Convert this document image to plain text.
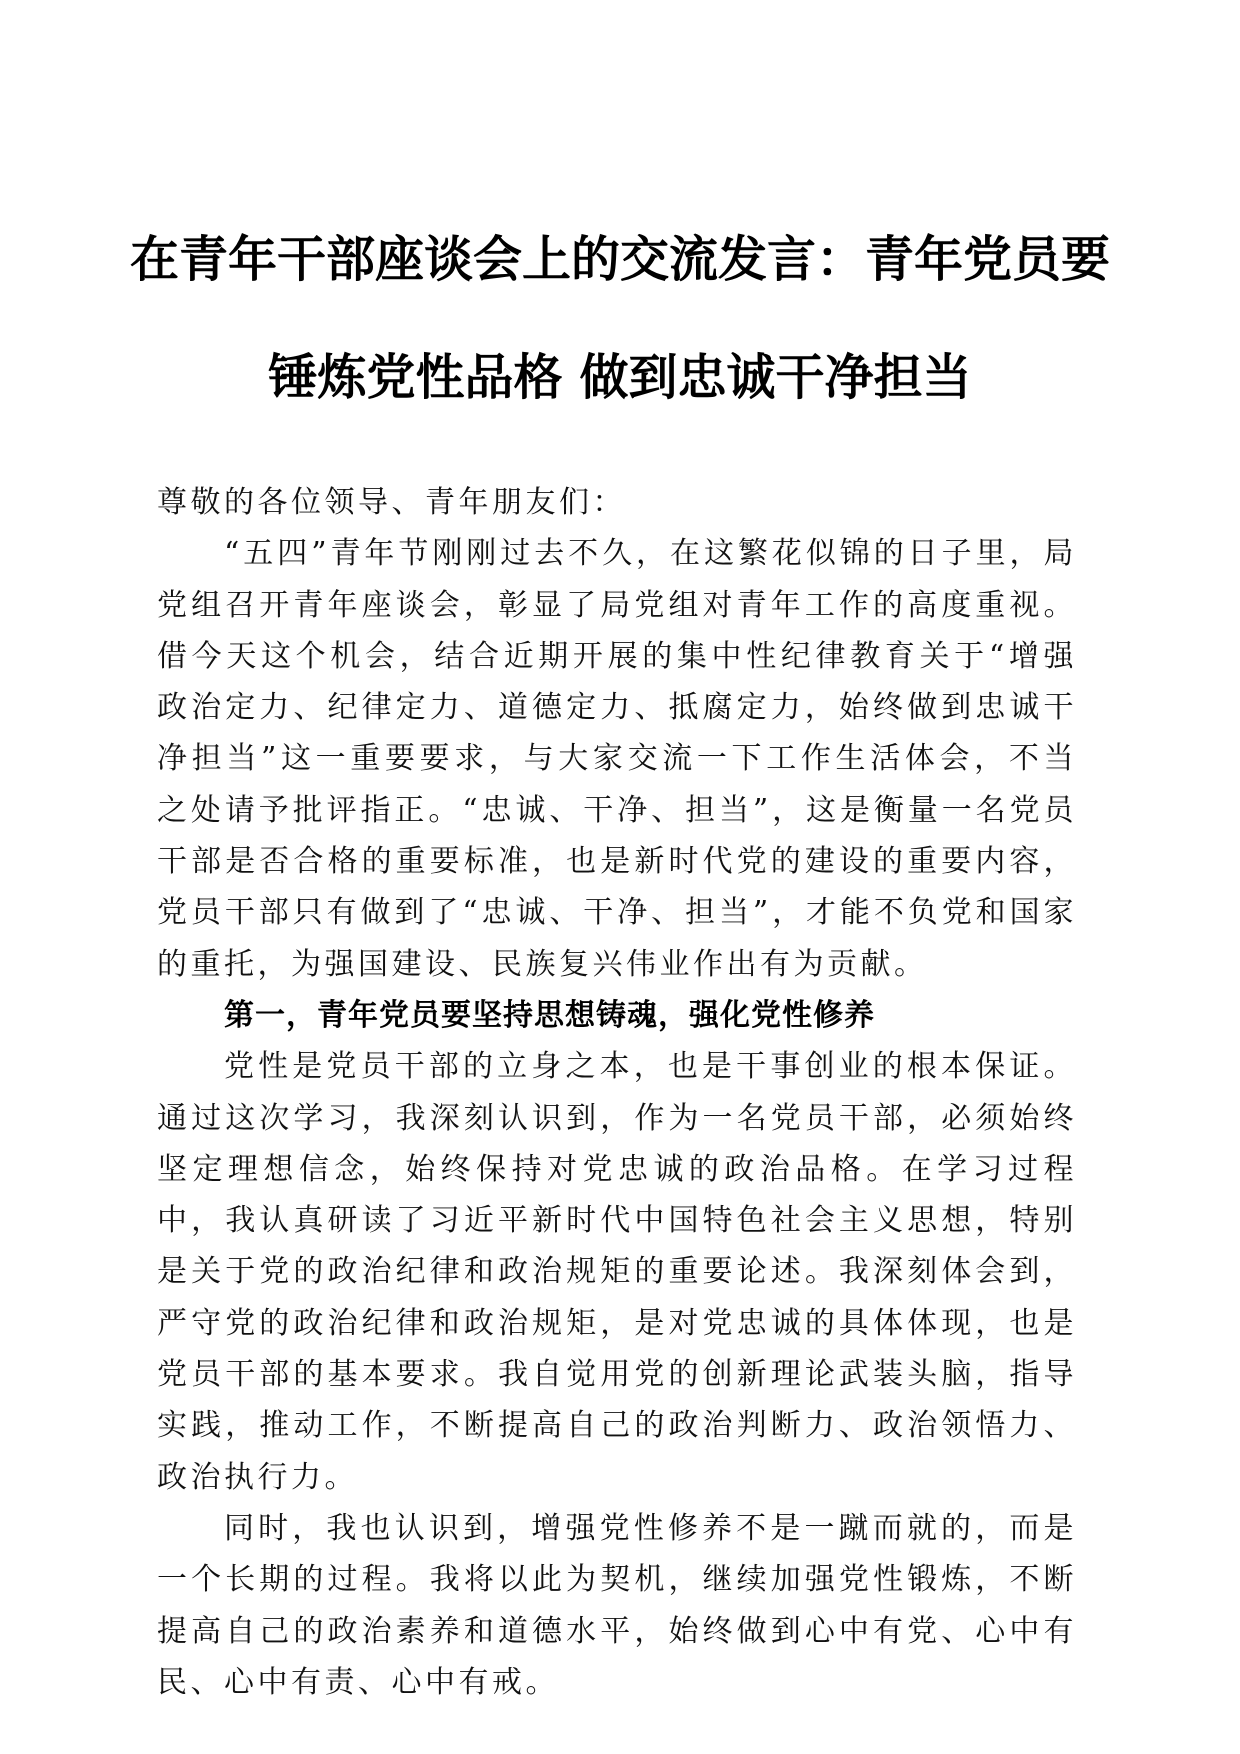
在青年干部座谈会上的交流发言：青年党员要
锤炼党性品格 做到忠诚干净担当

尊敬的各位领导、青年朋友们：

“五四”青年节刚刚过去不久，在这繁花似锦的日子里，局党组召开青年座谈会，彰显了局党组对青年工作的高度重视。借今天这个机会，结合近期开展的集中性纪律教育关于“增强政治定力、纪律定力、道德定力、抵腐定力，始终做到忠诚干净担当”这一重要要求，与大家交流一下工作生活体会，不当之处请予批评指正。“忠诚、干净、担当”，这是衡量一名党员干部是否合格的重要标准，也是新时代党的建设的重要内容，党员干部只有做到了“忠诚、干净、担当”，才能不负党和国家的重托，为强国建设、民族复兴伟业作出有为贡献。

第一，青年党员要坚持思想铸魂，强化党性修养

党性是党员干部的立身之本，也是干事创业的根本保证。通过这次学习，我深刻认识到，作为一名党员干部，必须始终坚定理想信念，始终保持对党忠诚的政治品格。在学习过程中，我认真研读了习近平新时代中国特色社会主义思想，特别是关于党的政治纪律和政治规矩的重要论述。我深刻体会到，严守党的政治纪律和政治规矩，是对党忠诚的具体体现，也是党员干部的基本要求。我自觉用党的创新理论武装头脑，指导实践，推动工作，不断提高自己的政治判断力、政治领悟力、政治执行力。

同时，我也认识到，增强党性修养不是一蹴而就的，而是一个长期的过程。我将以此为契机，继续加强党性锻炼，不断提高自己的政治素养和道德水平，始终做到心中有党、心中有民、心中有责、心中有戒。
